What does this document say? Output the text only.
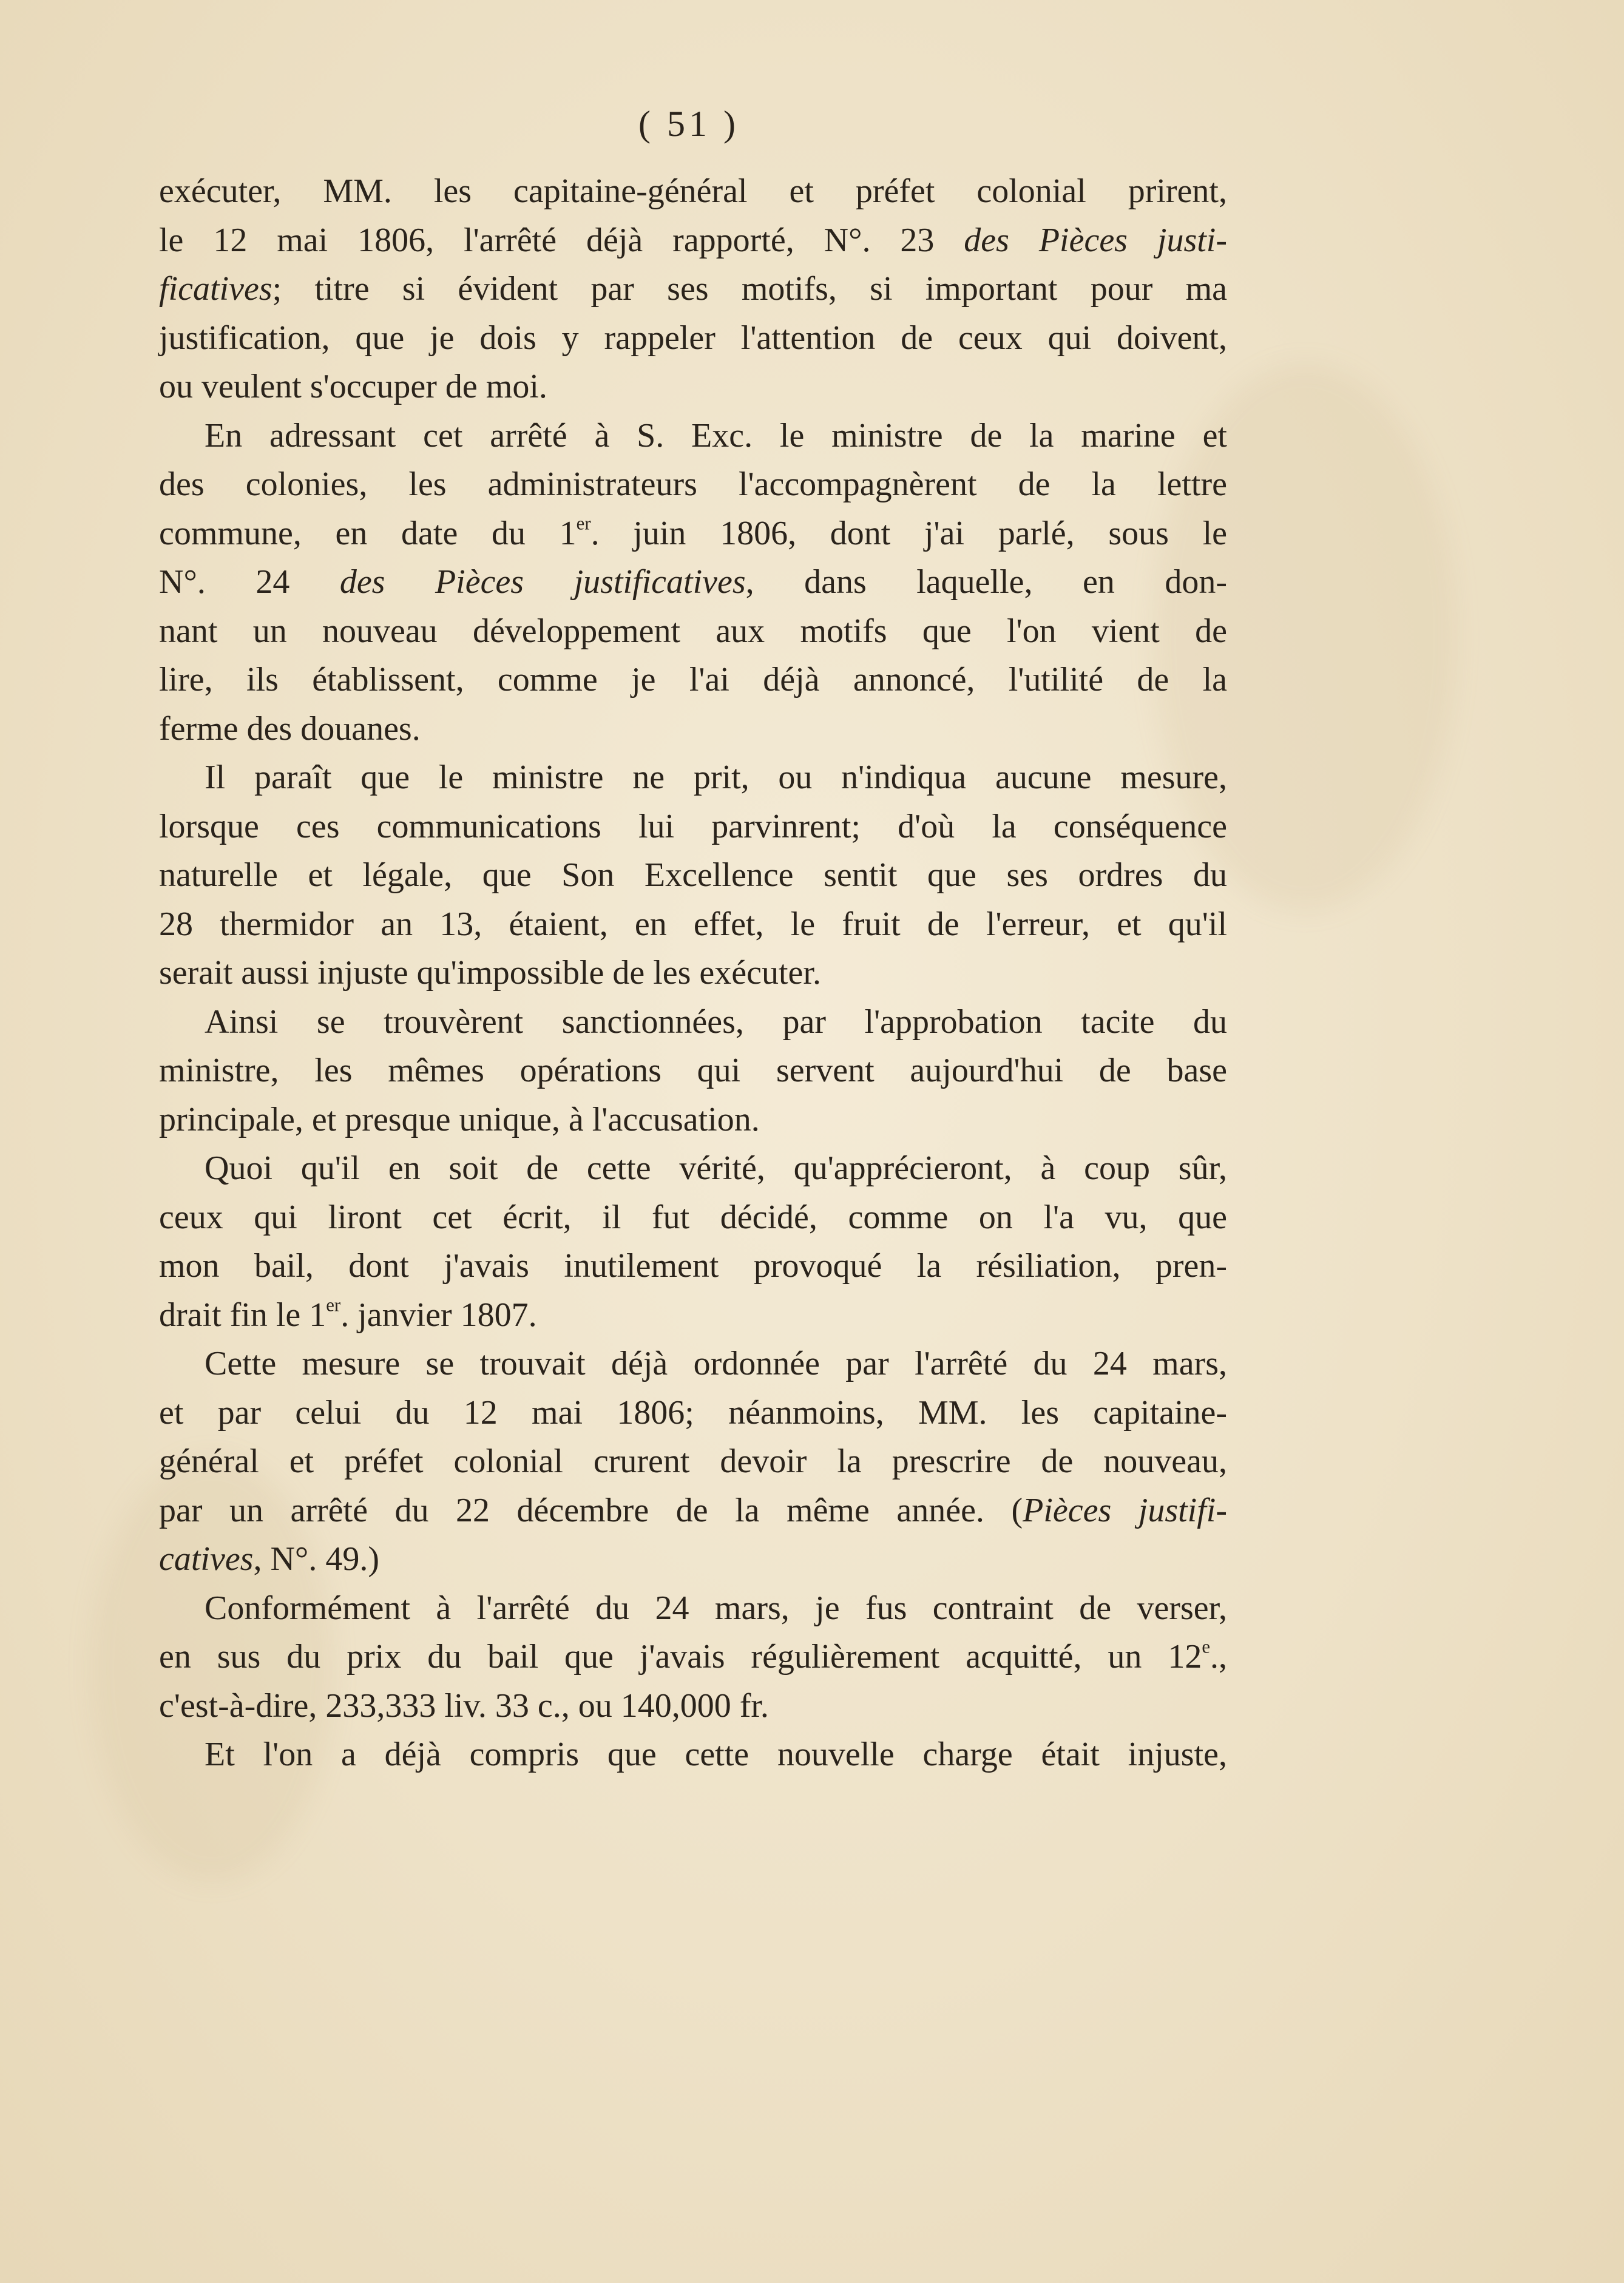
( 51 )
exécuter, MM. les capitaine-général et préfet colonial prirent,
le 12 mai 1806, l'arrêté déjà rapporté, N°. 23 des Pièces justi-
ficatives; titre si évident par ses motifs, si important pour ma
justification, que je dois y rappeler l'attention de ceux qui doivent,
ou veulent s'occuper de moi.
En adressant cet arrêté à S. Exc. le ministre de la marine et
des colonies, les administrateurs l'accompagnèrent de la lettre
commune, en date du 1er. juin 1806, dont j'ai parlé, sous le
N°. 24 des Pièces justificatives, dans laquelle, en don-
nant un nouveau développement aux motifs que l'on vient de
lire, ils établissent, comme je l'ai déjà annoncé, l'utilité de la
ferme des douanes.
Il paraît que le ministre ne prit, ou n'indiqua aucune mesure,
lorsque ces communications lui parvinrent; d'où la conséquence
naturelle et légale, que Son Excellence sentit que ses ordres du
28 thermidor an 13, étaient, en effet, le fruit de l'erreur, et qu'il
serait aussi injuste qu'impossible de les exécuter.
Ainsi se trouvèrent sanctionnées, par l'approbation tacite du
ministre, les mêmes opérations qui servent aujourd'hui de base
principale, et presque unique, à l'accusation.
Quoi qu'il en soit de cette vérité, qu'apprécieront, à coup sûr,
ceux qui liront cet écrit, il fut décidé, comme on l'a vu, que
mon bail, dont j'avais inutilement provoqué la résiliation, pren-
drait fin le 1er. janvier 1807.
Cette mesure se trouvait déjà ordonnée par l'arrêté du 24 mars,
et par celui du 12 mai 1806; néanmoins, MM. les capitaine-
général et préfet colonial crurent devoir la prescrire de nouveau,
par un arrêté du 22 décembre de la même année. (Pièces justifi-
catives, N°. 49.)
Conformément à l'arrêté du 24 mars, je fus contraint de verser,
en sus du prix du bail que j'avais régulièrement acquitté, un 12e.,
c'est-à-dire, 233,333 liv. 33 c., ou 140,000 fr.
Et l'on a déjà compris que cette nouvelle charge était injuste,
